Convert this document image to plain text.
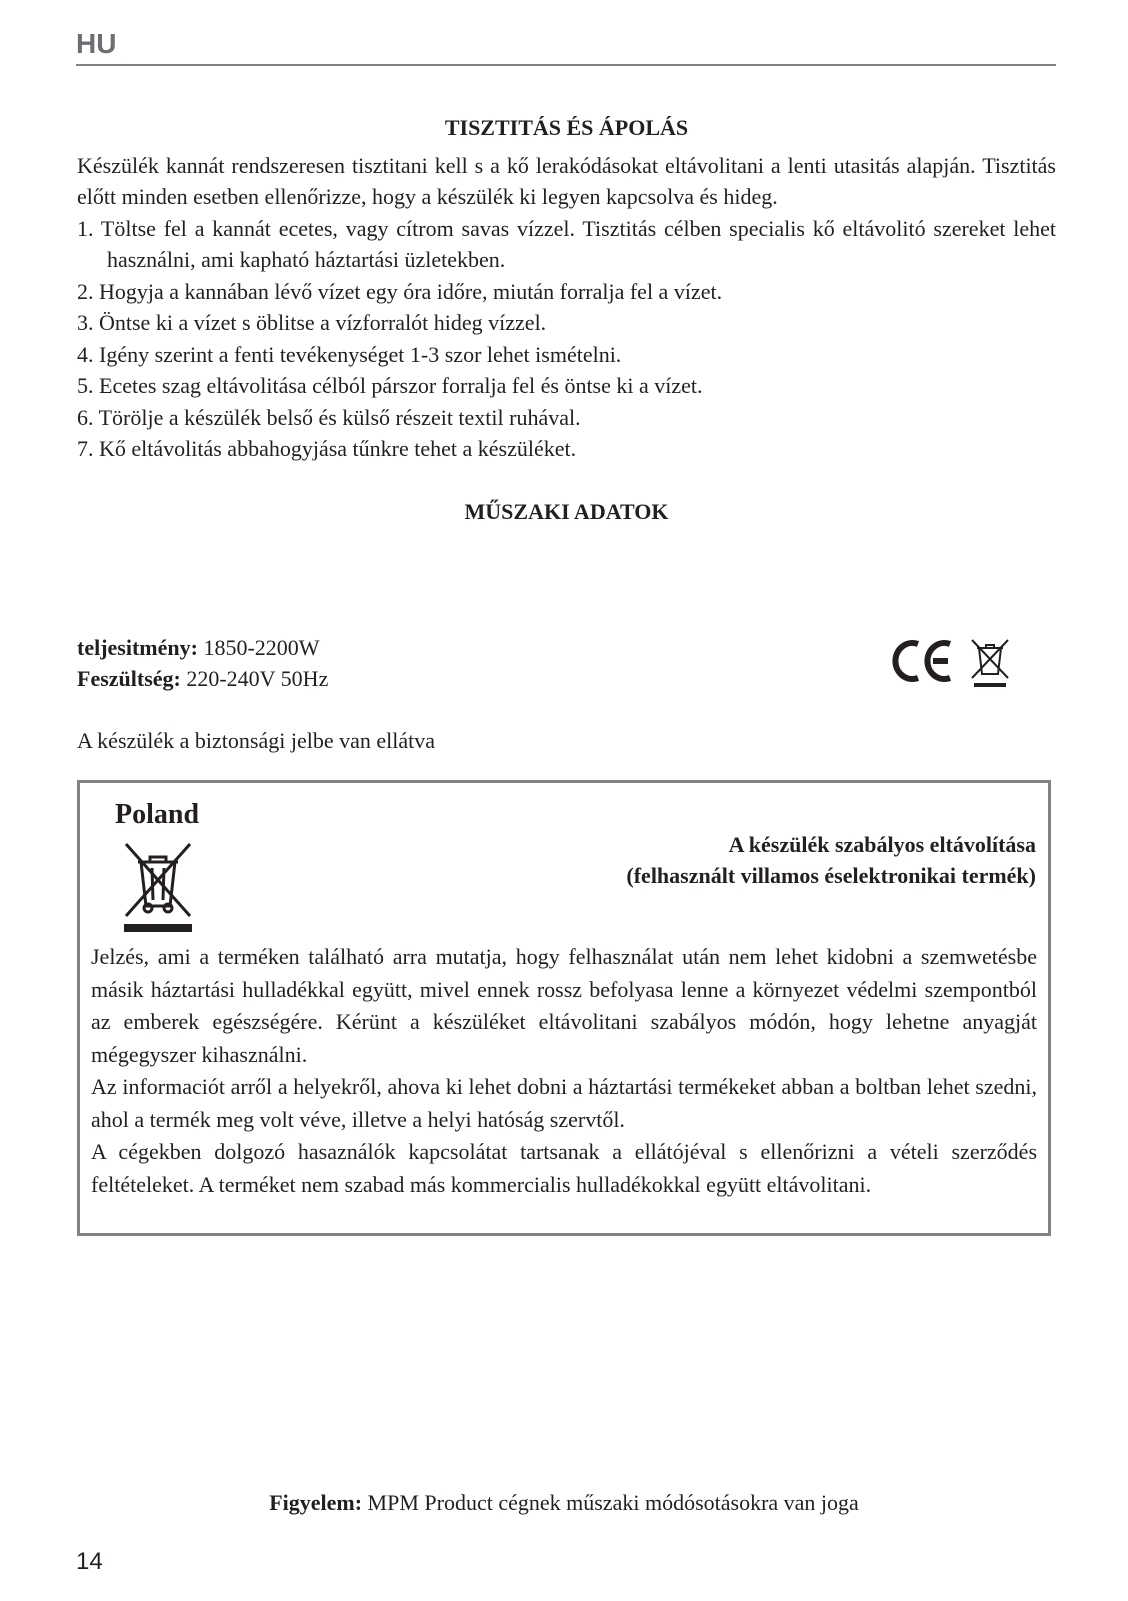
HU

TISZTITÁS ÉS ÁPOLÁS

Készülék kannát rendszeresen tisztitani kell s a kő lerakódásokat eltávolitani a lenti utasitás alapján. Tisztitás előtt minden esetben ellenőrizze, hogy a készülék ki legyen kapcsolva és hideg.

1. Töltse fel a kannát ecetes, vagy cítrom savas vízzel. Tisztitás célben specialis kő eltávolitó szereket lehet használni, ami kapható háztartási üzletekben.
2. Hogyja a kannában lévő vízet egy óra időre, miután forralja fel a vízet.
3. Öntse ki a vízet s öblitse a vízforralót hideg vízzel.
4. Igény szerint a fenti tevékenységet 1-3 szor lehet ismételni.
5. Ecetes szag eltávolitása célból párszor forralja fel és öntse ki a vízet.
6. Törölje a készülék belső és külső részeit textil ruhával.
7. Kő eltávolitás abbahogyjása tűnkre tehet a készüléket.

MŰSZAKI ADATOK

teljesitmény: 1850-2200W
Feszültség: 220-240V 50Hz
A készülék a biztonsági jelbe van ellátva
Poland
A készülék szabályos eltávolítása
(felhasznált villamos éselektronikai termék)

Jelzés, ami a terméken található arra mutatja, hogy felhasználat után nem lehet kidobni a szemwetésbe másik háztartási hulladékkal együtt, mivel ennek rossz befolyasa lenne a környezet védelmi szempontból az emberek egészségére. Kérünt a készüléket eltávolitani szabályos módón, hogy lehetne anyagját mégegyszer kihasználni.

Az informaciót arről a helyekről, ahova ki lehet dobni a háztartási termékeket abban a boltban lehet szedni, ahol a termék meg volt véve, illetve a helyi hatóság szervtől.

A cégekben dolgozó hasaználók kapcsolátat tartsanak a ellátójéval s ellenőrizni a vételi szerződés feltételeket. A terméket nem szabad más kommercialis hulladékokkal együtt eltávolitani.

Figyelem: MPM Product cégnek műszaki módósotásokra van joga
14
